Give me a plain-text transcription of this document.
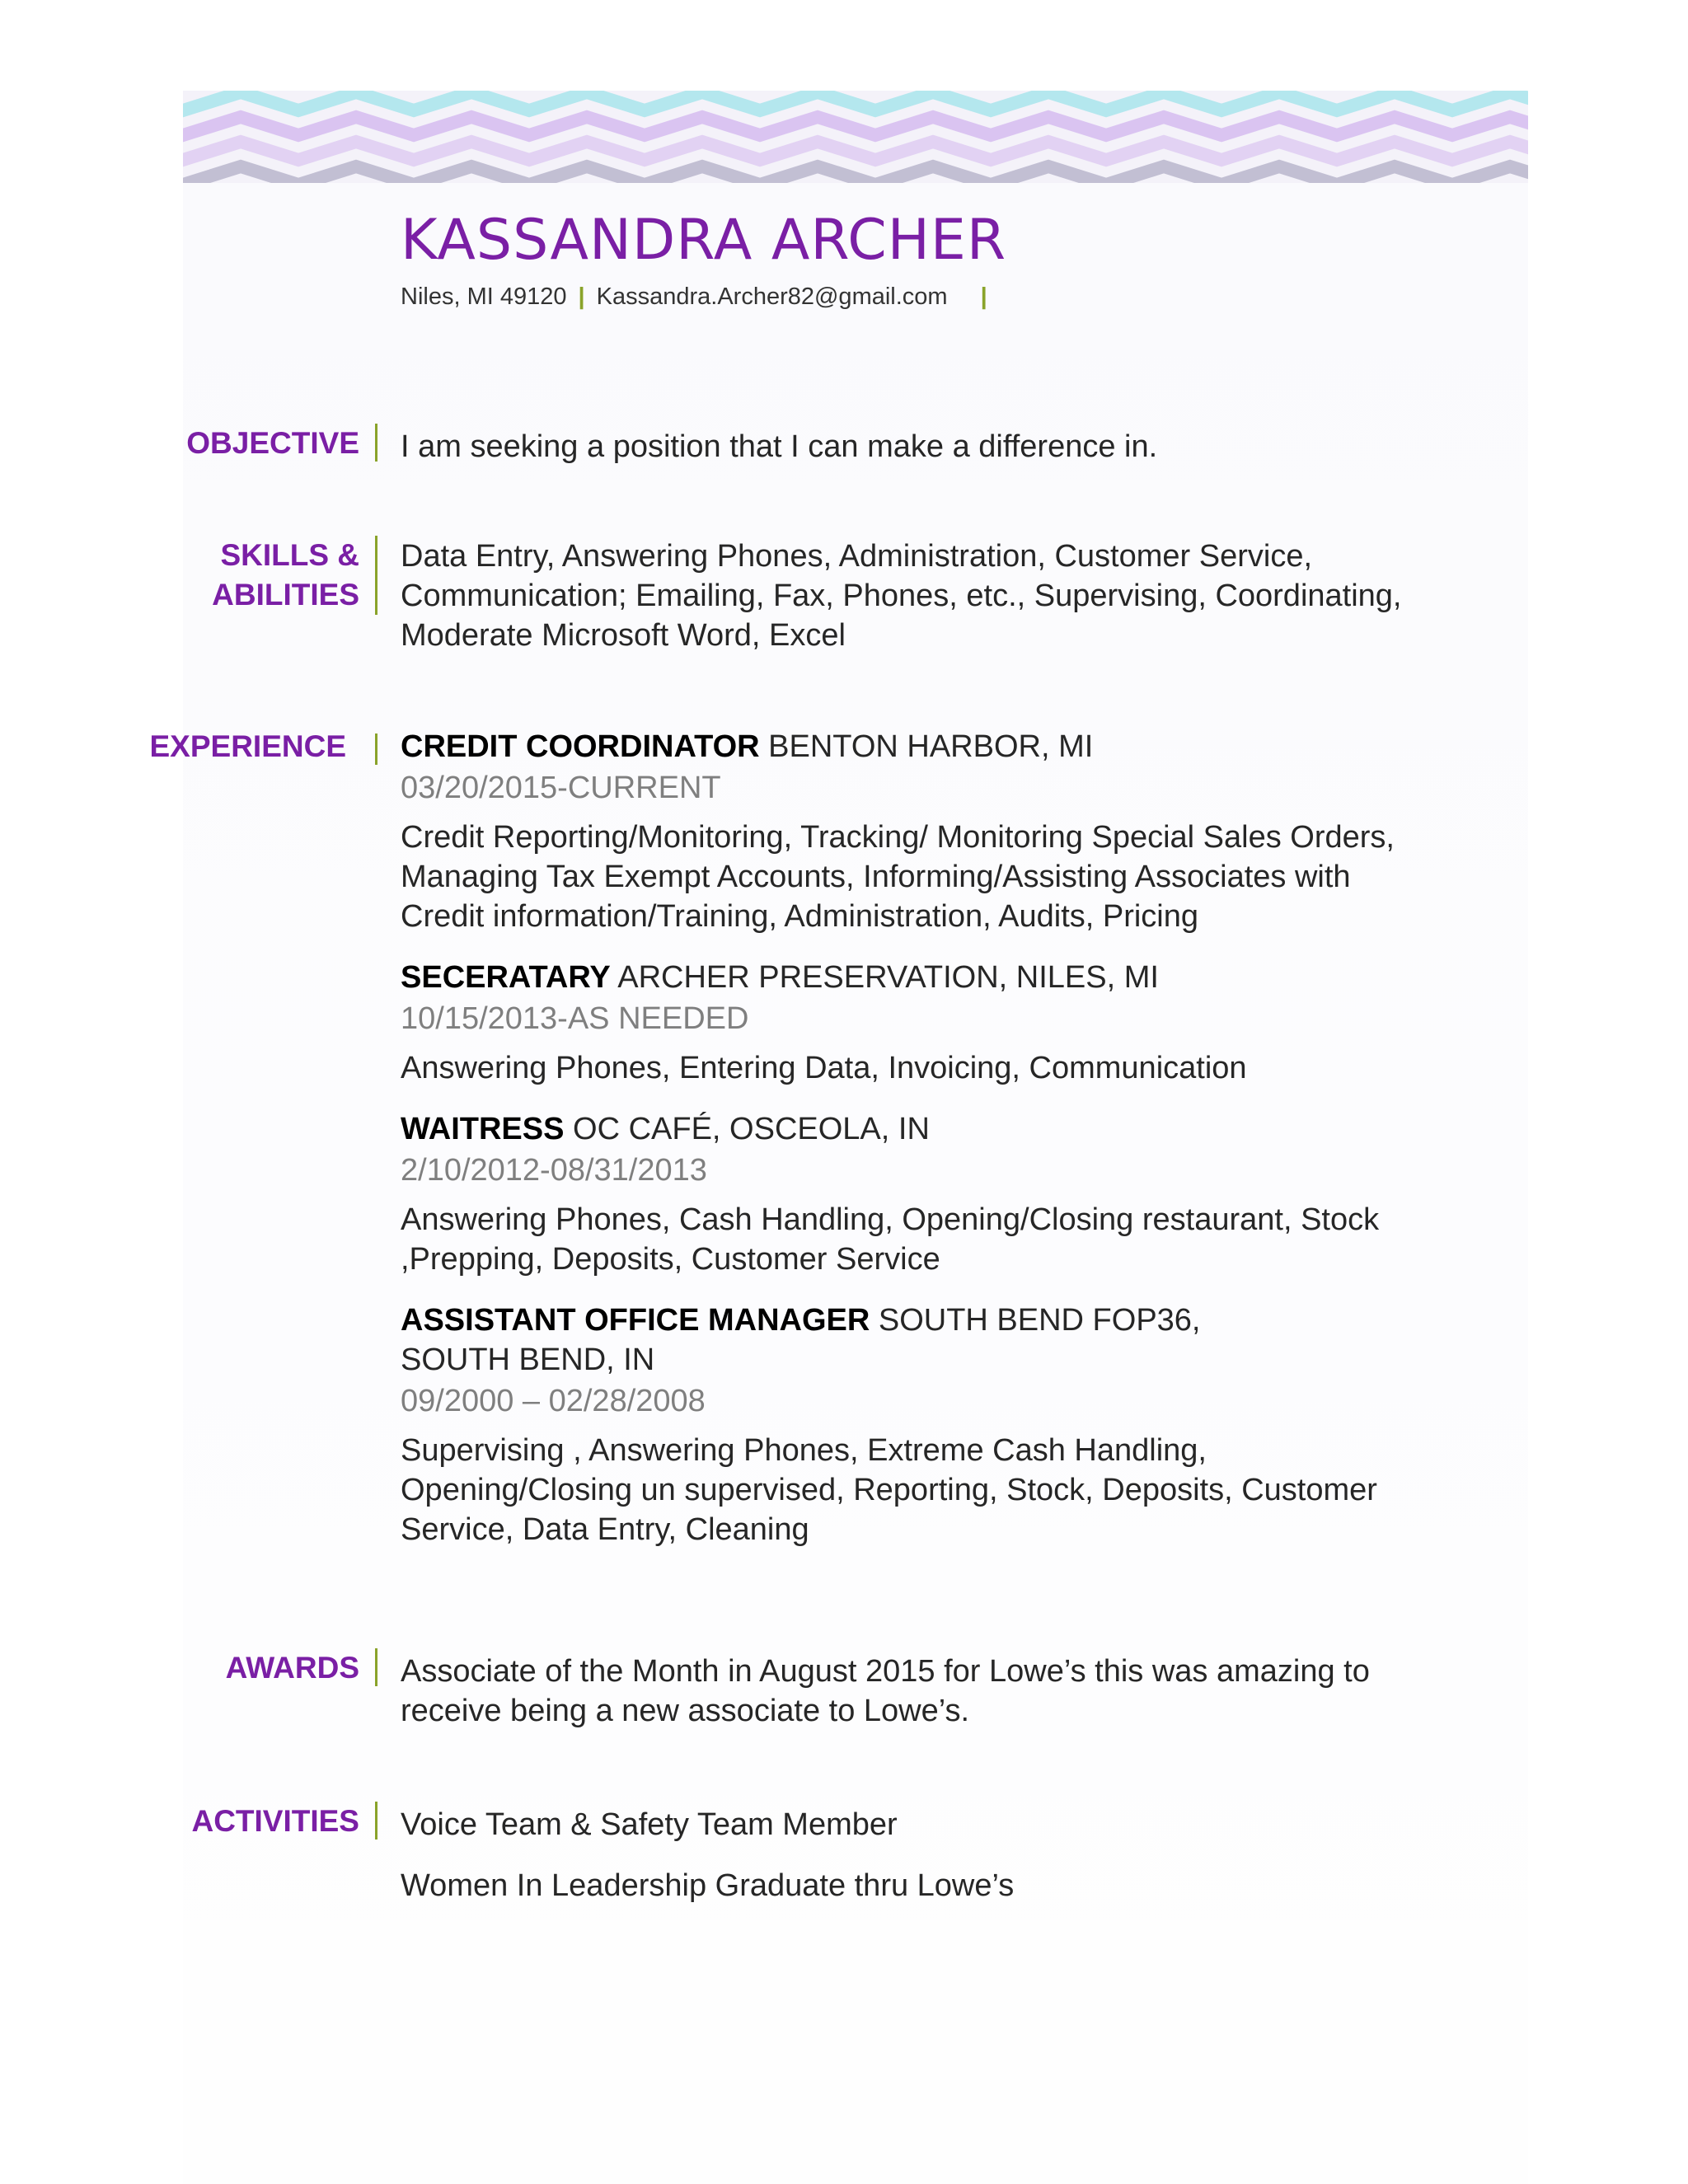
KASSANDRA ARCHER
Niles, MI 49120 | Kassandra.Archer82@gmail.com |
OBJECTIVE I am seeking a position that I can make a difference in.
SKILLS &
ABILITIES
Data Entry, Answering Phones, Administration, Customer Service, Communication; Emailing, Fax, Phones, etc., Supervising, Coordinating, Moderate Microsoft Word, Excel
EXPERIENCE CREDIT COORDINATOR BENTON HARBOR, MI
03/20/2015-CURRENT
Credit Reporting/Monitoring, Tracking/ Monitoring Special Sales Orders, Managing Tax Exempt Accounts, Informing/Assisting Associates with Credit information/Training, Administration, Audits, Pricing
SECERATARY ARCHER PRESERVATION, NILES, MI
10/15/2013-AS NEEDED
Answering Phones, Entering Data, Invoicing, Communication
WAITRESS OC CAFÉ, OSCEOLA, IN
2/10/2012-08/31/2013
Answering Phones, Cash Handling, Opening/Closing restaurant, Stock ,Prepping, Deposits, Customer Service
ASSISTANT OFFICE MANAGER SOUTH BEND FOP36, SOUTH BEND, IN
09/2000 – 02/28/2008
Supervising , Answering Phones, Extreme Cash Handling, Opening/Closing un supervised, Reporting, Stock, Deposits, Customer Service, Data Entry, Cleaning
AWARDS Associate of the Month in August 2015 for Lowe’s this was amazing to receive being a new associate to Lowe’s.
ACTIVITIES Voice Team & Safety Team Member
Women In Leadership Graduate thru Lowe’s
